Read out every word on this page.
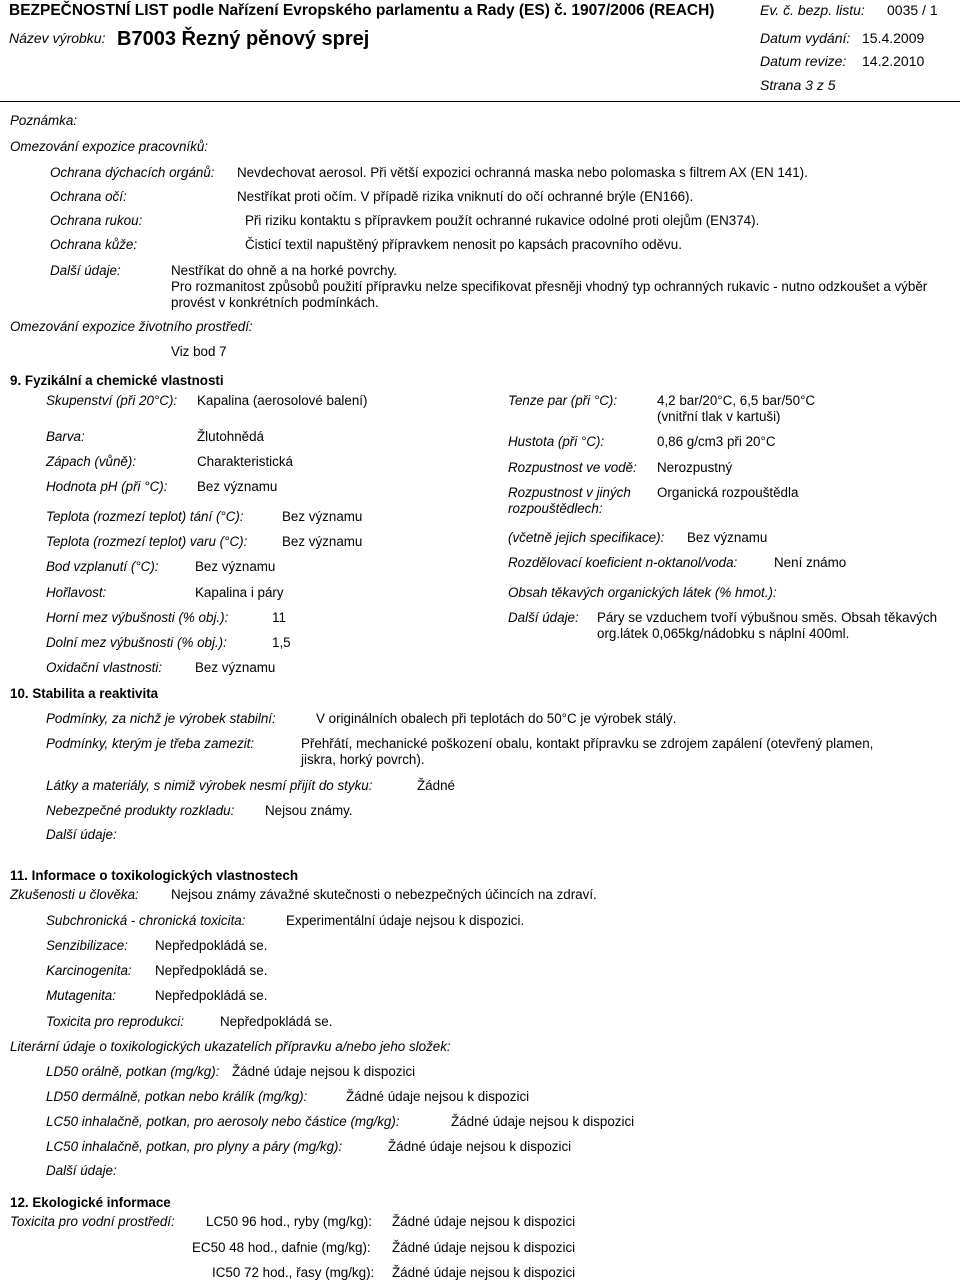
BEZPEČNOSTNÍ LIST podle Nařízení Evropského parlamentu a Rady (ES) č. 1907/2006 (REACH)	Ev. č. bezp. listu: 0035 / 1
Název výrobku: B7003 Řezný pěnový sprej	Datum vydání: 15.4.2009
Datum revize: 14.2.2010
Strana 3 z 5
Poznámka:
Omezování expozice pracovníků:
Ochrana dýchacích orgánů: Nevdechovat aerosol. Při větší expozici ochranná maska nebo polomaska s filtrem AX (EN 141).
Ochrana očí:	Nestříkat proti očím. V případě rizika vniknutí do očí ochranné brýle (EN166).
Ochrana rukou:	Při riziku kontaktu s přípravkem použít ochranné rukavice odolné proti olejům (EN374).
Ochrana kůže:	Čisticí textil napuštěný přípravkem nenosit po kapsách pracovního oděvu.
Další údaje:	Nestříkat do ohně a na horké povrchy.
Pro rozmanitost způsobů použití přípravku nelze specifikovat přesněji vhodný typ ochranných rukavic - nutno odzkoušet a výběr provést v konkrétních podmínkách.
Omezování expozice životního prostředí:
Viz bod 7
9. Fyzikální a chemické vlastnosti
Skupenství (při 20°C): Kapalina (aerosolové balení)
Barva:	Žlutohnědá
Zápach (vůně):	Charakteristická
Hodnota pH (při °C): Bez významu
Teplota (rozmezí teplot) tání (°C):	Bez významu
Teplota (rozmezí teplot) varu (°C):	Bez významu
Bod vzplanutí (°C):	Bez významu
Hořlavost:	Kapalina i páry
Horní mez výbušnosti (% obj.):	11
Dolní mez výbušnosti (% obj.):	1,5
Oxidační vlastnosti: Bez významu
Tenze par (při °C):	4,2 bar/20°C, 6,5 bar/50°C
(vnitřní tlak v kartuši)
Hustota (při °C):	0,86 g/cm3 při 20°C
Rozpustnost ve vodě: Nerozpustný
Rozpustnost v jiných
rozpouštědlech:
Organická rozpouštědla
(včetně jejich specifikace): Bez významu
Rozdělovací koeficient n-oktanol/voda:	Není známo
Obsah těkavých organických látek (% hmot.):
Další údaje: Páry se vzduchem tvoří výbušnou směs. Obsah těkavých org.látek 0,065kg/nádobku s náplní 400ml.
10. Stabilita a reaktivita
Podmínky, za nichž je výrobek stabilní:	V originálních obalech při teplotách do 50°C je výrobek stálý.
Podmínky, kterým je třeba zamezit:	Přehřátí, mechanické poškození obalu, kontakt přípravku se zdrojem zapálení (otevřený plamen, jiskra, horký povrch).
Látky a materiály, s nimiž výrobek nesmí přijít do styku:	Žádné
Nebezpečné produkty rozkladu: Nejsou známy.
Další údaje:
11. Informace o toxikologických vlastnostech
Zkušenosti u člověka: Nejsou známy závažné skutečnosti o nebezpečných účincích na zdraví.
Subchronická - chronická toxicita:	Experimentální údaje nejsou k dispozici.
Senzibilizace: Nepředpokládá se.
Karcinogenita: Nepředpokládá se.
Mutagenita:	Nepředpokládá se.
Toxicita pro reprodukci:	Nepředpokládá se.
Literární údaje o toxikologických ukazatelích přípravku a/nebo jeho složek:
LD50 orálně, potkan (mg/kg): Žádné údaje nejsou k dispozici
LD50 dermálně, potkan nebo králík (mg/kg):	Žádné údaje nejsou k dispozici
LC50 inhalačně, potkan, pro aerosoly nebo částice (mg/kg):	Žádné údaje nejsou k dispozici
LC50 inhalačně, potkan, pro plyny a páry (mg/kg):	Žádné údaje nejsou k dispozici
Další údaje:
12. Ekologické informace
Toxicita pro vodní prostředí: LC50 96 hod., ryby (mg/kg): Žádné údaje nejsou k dispozici
EC50 48 hod., dafnie (mg/kg): Žádné údaje nejsou k dispozici
IC50 72 hod., řasy (mg/kg): Žádné údaje nejsou k dispozici
